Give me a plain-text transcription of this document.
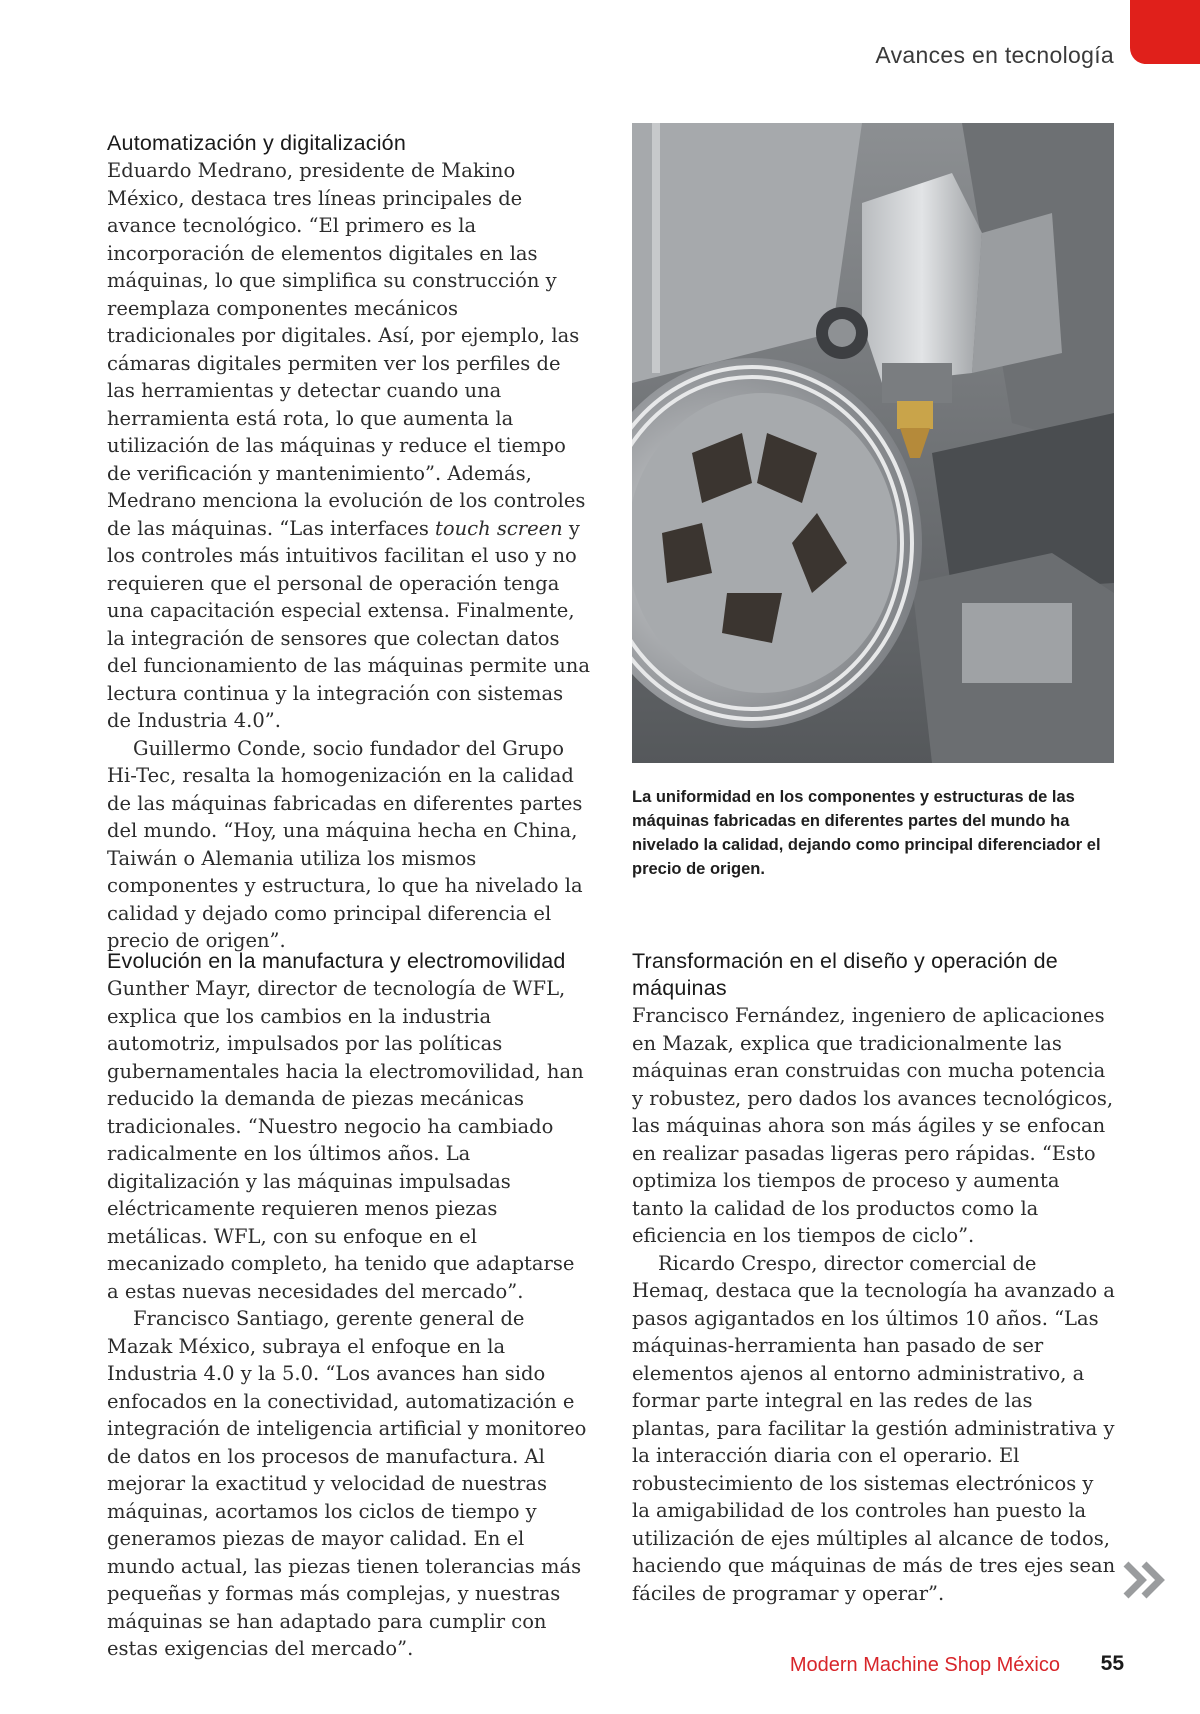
Avances en tecnología
Automatización y digitalización

Eduardo Medrano, presidente de Makino México, destaca tres líneas principales de avance tecnológico. “El primero es la incorporación de elementos digitales en las máquinas, lo que simplifica su construcción y reemplaza componentes mecánicos tradicionales por digitales. Así, por ejemplo, las cámaras digitales permiten ver los perfiles de las herramientas y detectar cuando una herramienta está rota, lo que aumenta la utilización de las máquinas y reduce el tiempo de verificación y mantenimiento”. Además, Medrano menciona la evolución de los controles de las máquinas. “Las interfaces touch screen y los controles más intuitivos facilitan el uso y no requieren que el personal de operación tenga una capacitación especial extensa. Finalmente, la integración de sensores que colectan datos del funcionamiento de las máquinas permite una lectura continua y la integración con sistemas de Industria 4.0”.

Guillermo Conde, socio fundador del Grupo Hi-Tec, resalta la homogenización en la calidad de las máquinas fabricadas en diferentes partes del mundo. “Hoy, una máquina hecha en China, Taiwán o Alemania utiliza los mismos componentes y estructura, lo que ha nivelado la calidad y dejado como principal diferencia el precio de origen”.

La uniformidad en los componentes y estructuras de las máquinas fabricadas en diferentes partes del mundo ha nivelado la calidad, dejando como principal diferenciador el precio de origen.
Evolución en la manufactura y electromovilidad

Gunther Mayr, director de tecnología de WFL, explica que los cambios en la industria automotriz, impulsados por las políticas gubernamentales hacia la electromovilidad, han reducido la demanda de piezas mecánicas tradicionales. “Nuestro negocio ha cambiado radicalmente en los últimos años. La digitalización y las máquinas impulsadas eléctricamente requieren menos piezas metálicas. WFL, con su enfoque en el mecanizado completo, ha tenido que adaptarse a estas nuevas necesidades del mercado”.

Francisco Santiago, gerente general de Mazak México, subraya el enfoque en la Industria 4.0 y la 5.0. “Los avances han sido enfocados en la conectividad, automatización e integración de inteligencia artificial y monitoreo de datos en los procesos de manufactura. Al mejorar la exactitud y velocidad de nuestras máquinas, acortamos los ciclos de tiempo y generamos piezas de mayor calidad. En el mundo actual, las piezas tienen tolerancias más pequeñas y formas más complejas, y nuestras máquinas se han adaptado para cumplir con estas exigencias del mercado”.

Transformación en el diseño y operación de máquinas

Francisco Fernández, ingeniero de aplicaciones en Mazak, explica que tradicionalmente las máquinas eran construidas con mucha potencia y robustez, pero dados los avances tecnológicos, las máquinas ahora son más ágiles y se enfocan en realizar pasadas ligeras pero rápidas. “Esto optimiza los tiempos de proceso y aumenta tanto la calidad de los productos como la eficiencia en los tiempos de ciclo”.

Ricardo Crespo, director comercial de Hemaq, destaca que la tecnología ha avanzado a pasos agigantados en los últimos 10 años. “Las máquinas-herramienta han pasado de ser elementos ajenos al entorno administrativo, a formar parte integral en las redes de las plantas, para facilitar la gestión administrativa y la interacción diaria con el operario. El robustecimiento de los sistemas electrónicos y la amigabilidad de los controles han puesto la utilización de ejes múltiples al alcance de todos, haciendo que máquinas de más de tres ejes sean fáciles de programar y operar”.

Modern Machine Shop México 55
